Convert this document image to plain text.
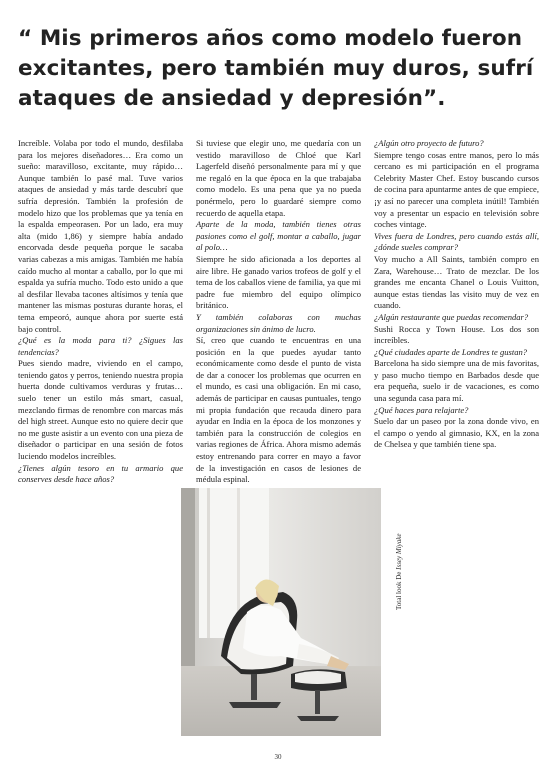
“ Mis primeros años como modelo fueron excitantes, pero también muy duros, sufrí ataques de ansiedad y depresión”.

Increíble. Volaba por todo el mundo, desfilaba para los mejores diseñadores… Era como un sueño: maravilloso, excitante, muy rápido… Aunque también lo pasé mal. Tuve varios ataques de ansiedad y más tarde descubrí que sufría depresión. También la profesión de modelo hizo que los problemas que ya tenía en la espalda empeorasen. Por un lado, era muy alta (mido 1,86) y siempre había andado encorvada desde pequeña porque le sacaba varias cabezas a mis amigas. También me había caído mucho al montar a caballo, por lo que mi espalda ya sufría mucho. Todo esto unido a que al desfilar llevaba tacones altísimos y tenía que mantener las mismas posturas durante horas, el tema empeoró, aunque ahora por suerte está bajo control.

¿Qué es la moda para ti? ¿Sigues las tendencias?

Pues siendo madre, viviendo en el campo, teniendo gatos y perros, teniendo nuestra propia huerta donde cultivamos verduras y frutas… suelo tener un estilo más smart, casual, mezclando firmas de renombre con marcas más del high street. Aunque esto no quiere decir que no me guste asistir a un evento con una pieza de diseñador o participar en una sesión de fotos luciendo modelos increíbles.

¿Tienes algún tesoro en tu armario que conserves desde hace años?

Si tuviese que elegir uno, me quedaría con un vestido maravilloso de Chloé que Karl Lagerfeld diseñó personalmente para mí y que me regaló en la que época en la que trabajaba como modelo. Es una pena que ya no pueda ponérmelo, pero lo guardaré siempre como recuerdo de aquella etapa.

Aparte de la moda, también tienes otras pasiones como el golf, montar a caballo, jugar al polo…

Siempre he sido aficionada a los deportes al aire libre. He ganado varios trofeos de golf y el tema de los caballos viene de familia, ya que mi padre fue miembro del equipo olímpico británico.

Y también colaboras con muchas organizaciones sin ánimo de lucro.

Sí, creo que cuando te encuentras en una posición en la que puedes ayudar tanto económicamente como desde el punto de vista de dar a conocer los problemas que ocurren en el mundo, es casi una obligación. En mi caso, además de participar en causas puntuales, tengo mi propia fundación que recauda dinero para ayudar en India en la época de los monzones y también para la construcción de colegios en varias regiones de África. Ahora mismo además estoy entrenando para correr en mayo a favor de la investigación en casos de lesiones de médula espinal.

¿Algún otro proyecto de futuro?

Siempre tengo cosas entre manos, pero lo más cercano es mi participación en el programa Celebrity Master Chef. Estoy buscando cursos de cocina para apuntarme antes de que empiece, ¡y así no parecer una completa inútil! También voy a presentar un espacio en televisión sobre coches vintage.

Vives fuera de Londres, pero cuando estás allí, ¿dónde sueles comprar?

Voy mucho a All Saints, también compro en Zara, Warehouse… Trato de mezclar. De los grandes me encanta Chanel o Louis Vuitton, aunque estas tiendas las visito muy de vez en cuando.

¿Algún restaurante que puedas recomendar?

Sushi Rocca y Town House. Los dos son increíbles.

¿Qué ciudades aparte de Londres te gustan?

Barcelona ha sido siempre una de mis favoritas, y paso mucho tiempo en Barbados desde que era pequeña, suelo ir de vacaciones, es como una segunda casa para mí.

¿Qué haces para relajarte?

Suelo dar un paseo por la zona donde vivo, en el campo o yendo al gimnasio, KX, en la zona de Chelsea y que también tiene spa.

Total look De Issey Miyake
30
